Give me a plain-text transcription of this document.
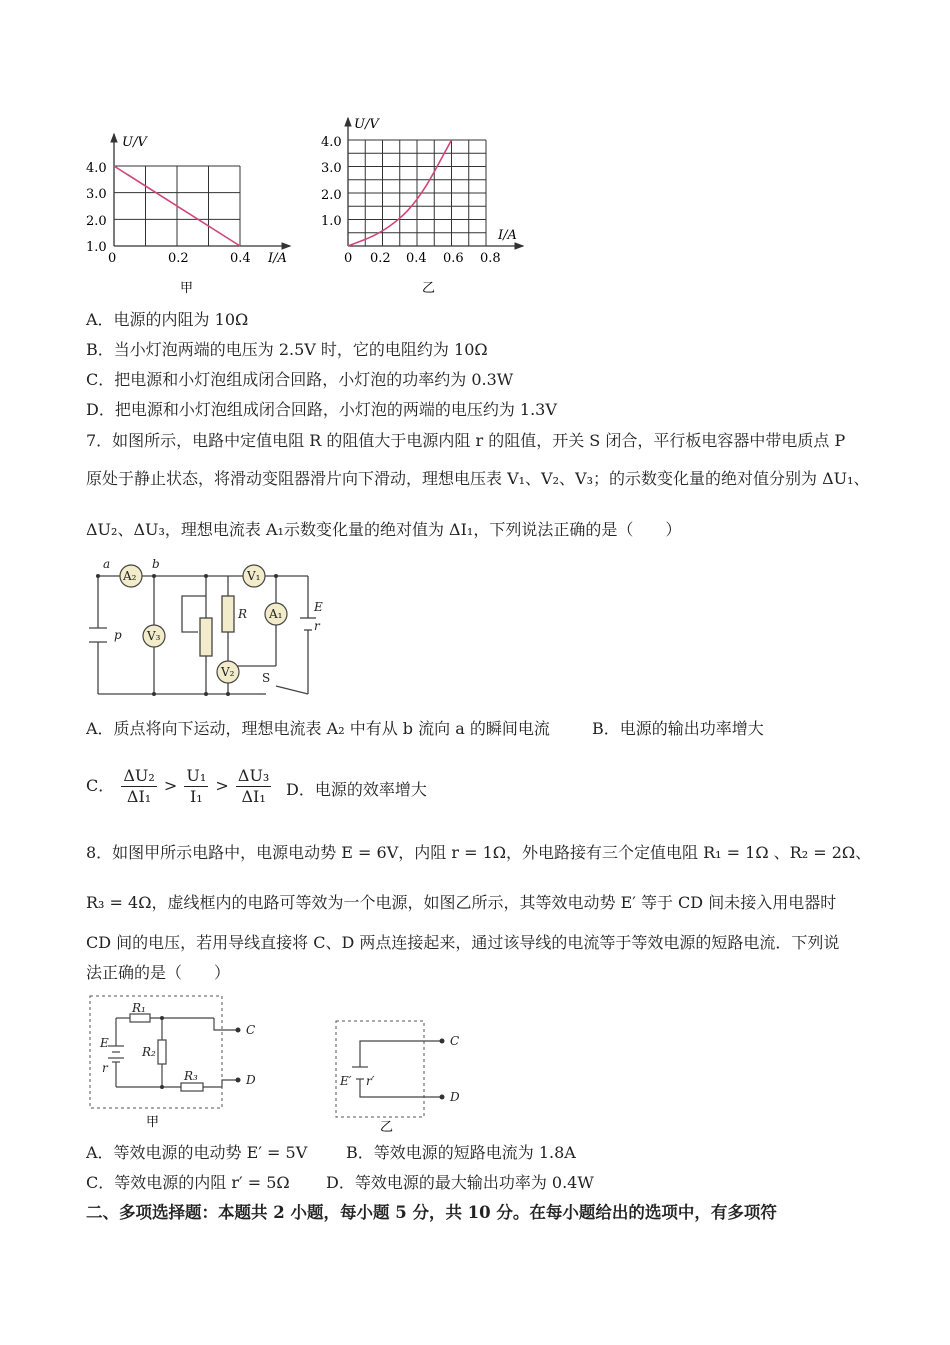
U/V
I/A
4.0
3.0
2.0
1.0
0	0.2	0.4
甲
U/V
I/A
4.0
3.0
2.0
1.0
0 0.2 0.4 0.6 0.8
乙
A．电源的内阻为 10Ω
B．当小灯泡两端的电压为 2.5V 时，它的电阻约为 10Ω
C．把电源和小灯泡组成闭合回路，小灯泡的功率约为 0.3W
D．把电源和小灯泡组成闭合回路，小灯泡的两端的电压约为 1.3V
7．如图所示，电路中定值电阻 R 的阻值大于电源内阻 r 的阻值，开关 S 闭合，平行板电容器中带电质点 P
原处于静止状态，将滑动变阻器滑片向下滑动，理想电压表 V₁、V₂、V₃；的示数变化量的绝对值分别为 ΔU₁、
ΔU₂、ΔU₃，理想电流表 A₁示数变化量的绝对值为 ΔI₁，下列说法正确的是（　　）
a	b
A₂	V₁
V₃
A₁
V₂
R	E
r
p
S
A．质点将向下运动，理想电流表 A₂ 中有从 b 流向 a 的瞬间电流	B．电源的输出功率增大
C． $\frac{\text{ΔU₂}}{\text{ΔI₁}} > \frac{\text{U₁}}{\text{I₁}} > \frac{\text{ΔU₃}}{\text{ΔI₁}}$ D．电源的效率增大
8．如图甲所示电路中，电源电动势 E = 6V，内阻 r = 1Ω，外电路接有三个定值电阻 R₁ = 1Ω 、R₂ = 2Ω、
R₃ = 4Ω，虚线框内的电路可等效为一个电源，如图乙所示，其等效电动势 E′ 等于 CD 间未接入用电器时
CD 间的电压，若用导线直接将 C、D 两点连接起来，通过该导线的电流等于等效电源的短路电流．下列说
法正确的是（　　）
R₁
R₂
R₃
E
r
C
D
甲
E′ r′
C
D
乙
A．等效电源的电动势 E′ = 5V B．等效电源的短路电流为 1.8A
C．等效电源的内阻 r′ = 5Ω D．等效电源的最大输出功率为 0.4W
二、多项选择题：本题共 2 小题，每小题 5 分，共 10 分。在每小题给出的选项中，有多项符
